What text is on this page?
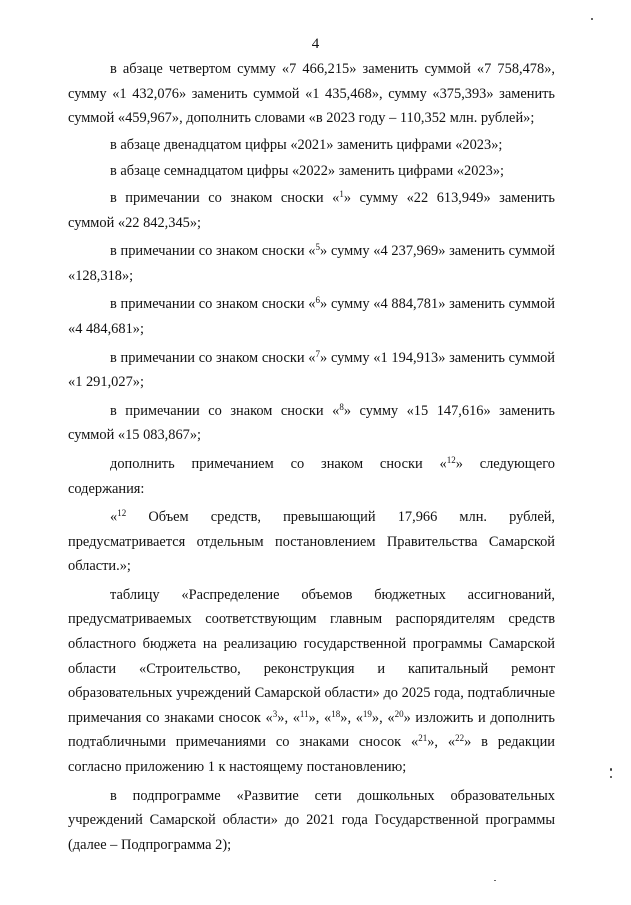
4

в абзаце четвертом сумму «7 466,215» заменить суммой «7 758,478», сумму «1 432,076» заменить суммой «1 435,468», сумму «375,393» заменить суммой «459,967», дополнить словами «в 2023 году – 110,352 млн. рублей»;

в абзаце двенадцатом цифры «2021» заменить цифрами «2023»;

в абзаце семнадцатом цифры «2022» заменить цифрами «2023»;

в примечании со знаком сноски «$^1$» сумму «22 613,949» заменить суммой «22 842,345»;

в примечании со знаком сноски «$^5$» сумму «4 237,969» заменить суммой «128,318»;

в примечании со знаком сноски «$^6$» сумму «4 884,781» заменить суммой «4 484,681»;

в примечании со знаком сноски «$^7$» сумму «1 194,913» заменить суммой «1 291,027»;

в примечании со знаком сноски «$^8$» сумму «15 147,616» заменить суммой «15 083,867»;

дополнить примечанием со знаком сноски «$^{12}$» следующего содержания:

«$^{12}$ Объем средств, превышающий 17,966 млн. рублей, предусматривается отдельным постановлением Правительства Самарской области.»;

таблицу «Распределение объемов бюджетных ассигнований, предусматриваемых соответствующим главным распорядителям средств областного бюджета на реализацию государственной программы Самарской области «Строительство, реконструкция и капитальный ремонт образовательных учреждений Самарской области» до 2025 года, подтабличные примечания со знаками сносок «$^3$», «$^{11}$», «$^{18}$», «$^{19}$», «$^{20}$» изложить и дополнить подтабличными примечаниями со знаками сносок «$^{21}$», «$^{22}$» в редакции согласно приложению 1 к настоящему постановлению;

в подпрограмме «Развитие сети дошкольных образовательных учреждений Самарской области» до 2021 года Государственной программы (далее – Подпрограмма 2);
